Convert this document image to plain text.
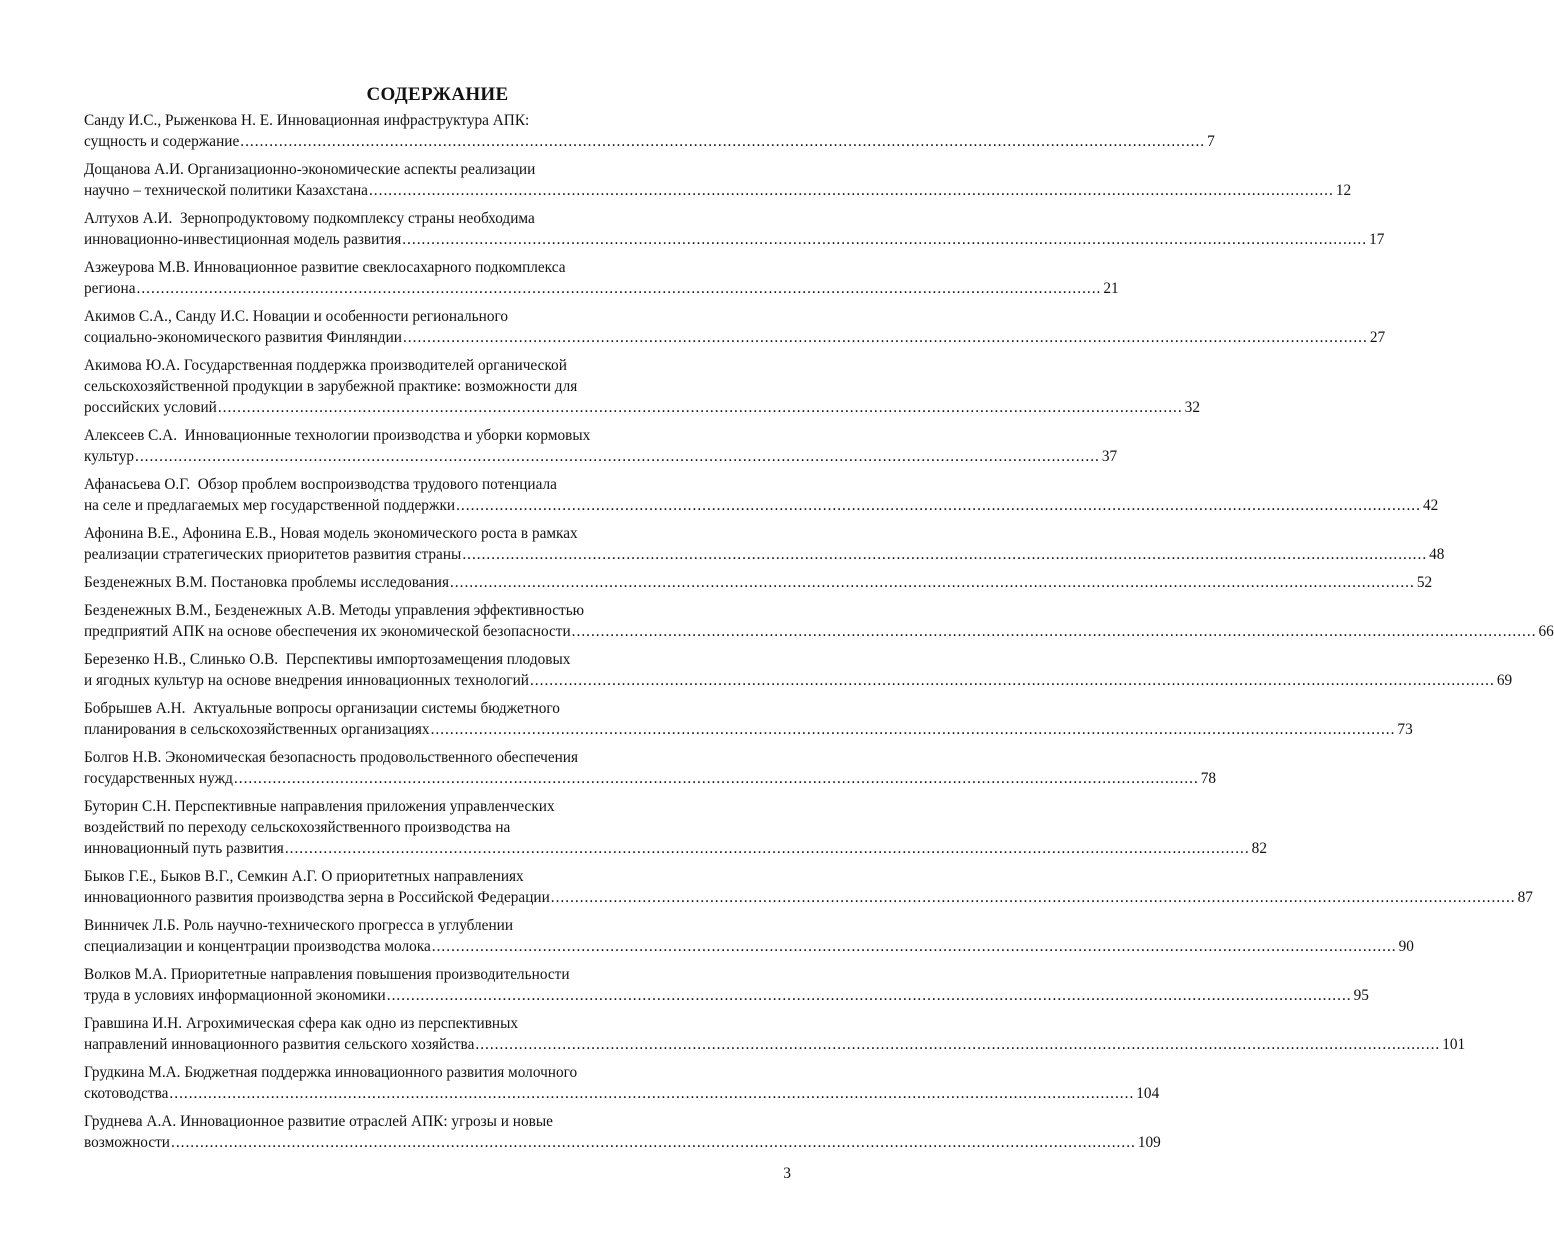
СОДЕРЖАНИЕ
Санду И.С., Рыженкова Н. Е. Инновационная инфраструктура АПК:
сущность и содержание ........................................................................................................................................................................................................ 7
Дощанова А.И. Организационно-экономические аспекты реализации
научно – технической политики Казахстана ........................................................................................................................................................................................................ 12
Алтухов А.И.  Зернопродуктовому подкомплексу страны необходима
инновационно-инвестиционная модель развития ........................................................................................................................................................................................................ 17
Азжеурова М.В. Инновационное развитие свеклосахарного подкомплекса
региона ........................................................................................................................................................................................................ 21
Акимов С.А., Санду И.С. Новации и особенности регионального
социально-экономического развития Финляндии ........................................................................................................................................................................................................ 27
Акимова Ю.А. Государственная поддержка производителей органической
сельскохозяйственной продукции в зарубежной практике: возможности для
российских условий ........................................................................................................................................................................................................ 32
Алексеев С.А.  Инновационные технологии производства и уборки кормовых
культур ........................................................................................................................................................................................................ 37
Афанасьева О.Г.  Обзор проблем воспроизводства трудового потенциала
на селе и предлагаемых мер государственной поддержки ........................................................................................................................................................................................................ 42
Афонина В.Е., Афонина Е.В., Новая модель экономического роста в рамках
реализации стратегических приоритетов развития страны ........................................................................................................................................................................................................ 48
Безденежных В.М. Постановка проблемы исследования ........................................................................................................................................................................................................ 52
Безденежных В.М., Безденежных А.В. Методы управления эффективностью
предприятий АПК на основе обеспечения их экономической безопасности ........................................................................................................................................................................................................ 66
Березенко Н.В., Слинько О.В.  Перспективы импортозамещения плодовых
и ягодных культур на основе внедрения инновационных технологий ........................................................................................................................................................................................................ 69
Бобрышев А.Н.  Актуальные вопросы организации системы бюджетного
планирования в сельскохозяйственных организациях ........................................................................................................................................................................................................ 73
Болгов Н.В. Экономическая безопасность продовольственного обеспечения
государственных нужд ........................................................................................................................................................................................................ 78
Буторин С.Н. Перспективные направления приложения управленческих
воздействий по переходу сельскохозяйственного производства на
инновационный путь развития ........................................................................................................................................................................................................ 82
Быков Г.Е., Быков В.Г., Семкин А.Г. О приоритетных направлениях
инновационного развития производства зерна в Российской Федерации ........................................................................................................................................................................................................ 87
Винничек Л.Б. Роль научно-технического прогресса в углублении
специализации и концентрации производства молока ........................................................................................................................................................................................................ 90
Волков М.А. Приоритетные направления повышения производительности
труда в условиях информационной экономики ........................................................................................................................................................................................................ 95
Гравшина И.Н. Агрохимическая сфера как одно из перспективных
направлений инновационного развития сельского хозяйства ........................................................................................................................................................................................................ 101
Грудкина М.А. Бюджетная поддержка инновационного развития молочного
скотоводства ........................................................................................................................................................................................................ 104
Груднева А.А. Инновационное развитие отраслей АПК: угрозы и новые
возможности ........................................................................................................................................................................................................ 109
3
